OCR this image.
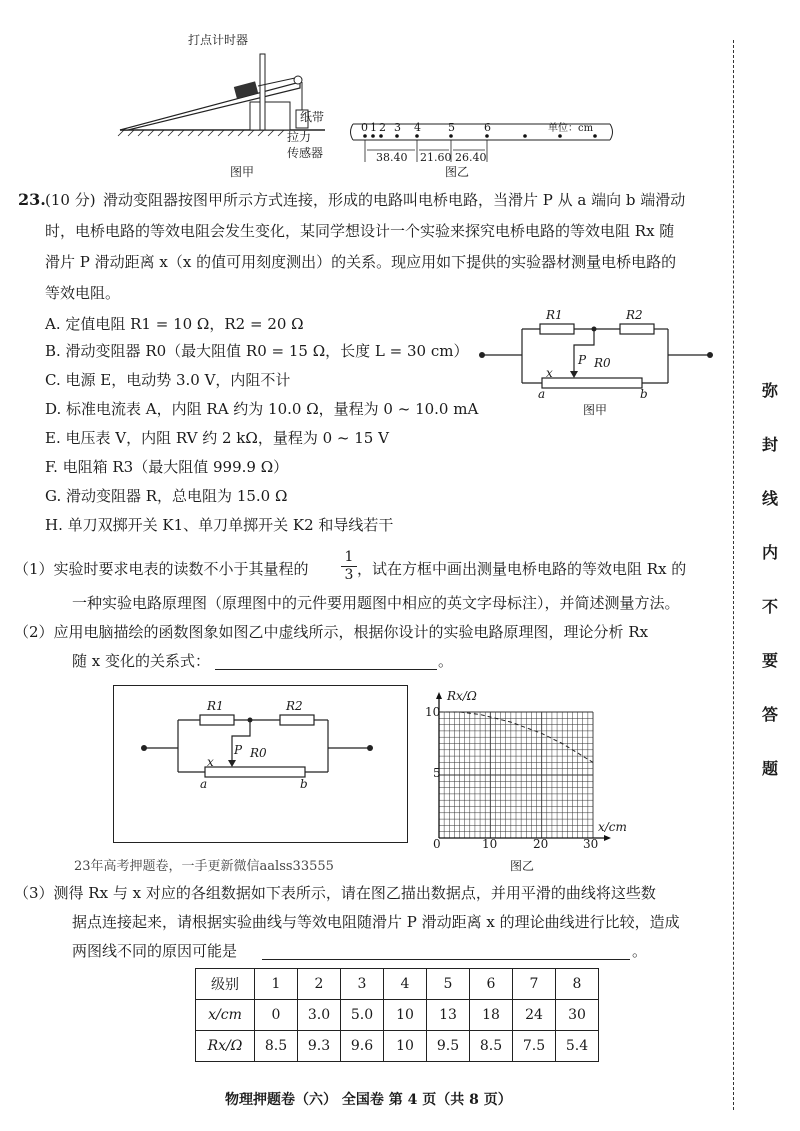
打点计时器
纸带
拉力
传感器
图甲
0 1 2 3 4 5	6	单位：cm
38.40 21.60 26.40
图乙
23. (10 分) 滑动变阻器按图甲所示方式连接，形成的电路叫电桥电路，当滑片 P 从 a 端向 b 端滑动
时，电桥电路的等效电阻会发生变化，某同学想设计一个实验来探究电桥电路的等效电阻 Rx 随
滑片 P 滑动距离 x（x 的值可用刻度测出）的关系。现应用如下提供的实验器材测量电桥电路的
等效电阻。
A. 定值电阻 R1 = 10 Ω，R2 = 20 Ω
B. 滑动变阻器 R0（最大阻值 R0 = 15 Ω，长度 L = 30 cm）
C. 电源 E，电动势 3.0 V，内阻不计
D. 标准电流表 A，内阻 RA 约为 10.0 Ω，量程为 0 ~ 10.0 mA
E. 电压表 V，内阻 RV 约 2 kΩ，量程为 0 ~ 15 V
F. 电阻箱 R3（最大阻值 999.9 Ω）
G. 滑动变阻器 R，总电阻为 15.0 Ω
H. 单刀双掷开关 K1、单刀单掷开关 K2 和导线若干
R1	R2
P R0
x
a	b
图甲
（1）实验时要求电表的读数不小于其量程的 $\frac{1}{3}$ ，试在方框中画出测量电桥电路的等效电阻 Rx 的
一种实验电路原理图（原理图中的元件要用题图中相应的英文字母标注），并简述测量方法。
（2）应用电脑描绘的函数图象如图乙中虚线所示，根据你设计的实验电路原理图，理论分析 Rx
随 x 变化的关系式：	。
R1	R2
P R0
x
a	b
Rx/Ω
x/cm
10
5
0	10	20	30
图乙
23年高考押题卷，一手更新微信aalss33555
（3）测得 Rx 与 x 对应的各组数据如下表所示，请在图乙描出数据点，并用平滑的曲线将这些数
据点连接起来，请根据实验曲线与等效电阻随滑片 P 滑动距离 x 的理论曲线进行比较，造成
两图线不同的原因可能是	。
级别	1	2	3	4	5	6	7	8
x/cm	0	3.0	5.0	10	13	18	24	30
Rx/Ω	8.5	9.3	9.6	10	9.5	8.5	7.5	5.4
物理押题卷（六） 全国卷 第 4 页（共 8 页）
弥
封
线
内
不
要
答
题
